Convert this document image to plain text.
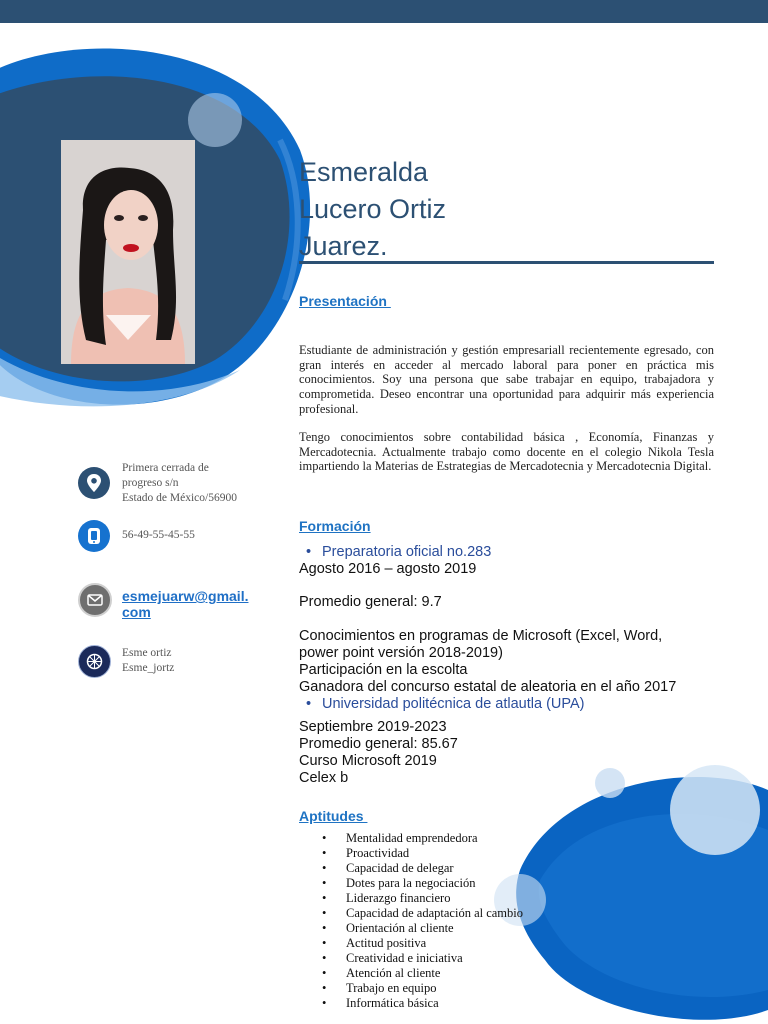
Esmeralda
Lucero Ortiz
Juarez.
Presentación
Estudiante de administración y gestión empresariall recientemente egresado, con gran interés en acceder al mercado laboral para poner en práctica mis conocimientos. Soy una persona que sabe trabajar en equipo, trabajadora y comprometida. Deseo encontrar una oportunidad para adquirir más experiencia profesional.
Tengo conocimientos sobre contabilidad básica , Economía, Finanzas y Mercadotecnia. Actualmente trabajo como docente en el colegio Nikola Tesla impartiendo la Materias de Estrategias de Mercadotecnia y Mercadotecnia Digital.
Formación
• Preparatoria oficial no.283
Agosto 2016 – agosto 2019
Promedio general: 9.7
Conocimientos en programas de Microsoft (Excel, Word,
power point versión 2018-2019)
Participación en la escolta
Ganadora del concurso estatal de aleatoria en el año 2017
• Universidad politécnica de atlautla (UPA)
Septiembre 2019-2023
Promedio general: 85.67
Curso Microsoft 2019
Celex b
Aptitudes
• Mentalidad emprendedora
• Proactividad
• Capacidad de delegar
• Dotes para la negociación
• Liderazgo financiero
• Capacidad de adaptación al cambio
• Orientación al cliente
• Actitud positiva
• Creatividad e iniciativa
• Atención al cliente
• Trabajo en equipo
• Informática básica
Primera cerrada de
progreso s/n
Estado de México/56900
56-49-55-45-55
esmejuarw@gmail.
com
Esme ortiz
Esme_jortz
